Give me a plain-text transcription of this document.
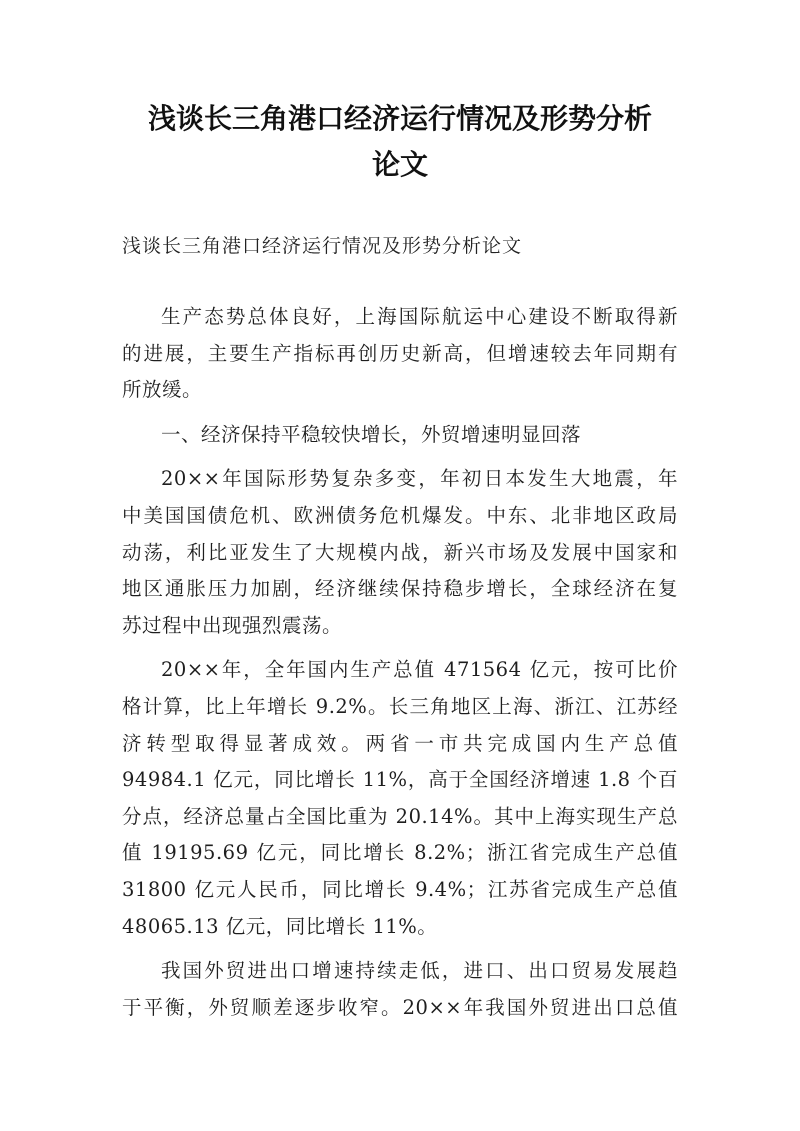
浅谈长三角港口经济运行情况及形势分析
论文

浅谈长三角港口经济运行情况及形势分析论文

生产态势总体良好，上海国际航运中心建设不断取得新
的进展，主要生产指标再创历史新高，但增速较去年同期有
所放缓。

一、经济保持平稳较快增长，外贸增速明显回落

20××年国际形势复杂多变，年初日本发生大地震，年
中美国国债危机、欧洲债务危机爆发。中东、北非地区政局
动荡，利比亚发生了大规模内战，新兴市场及发展中国家和
地区通胀压力加剧，经济继续保持稳步增长，全球经济在复
苏过程中出现强烈震荡。

20××年，全年国内生产总值 471564 亿元，按可比价
格计算，比上年增长 9.2%。长三角地区上海、浙江、江苏经
济转型取得显著成效。两省一市共完成国内生产总值
94984.1 亿元，同比增长 11%，高于全国经济增速 1.8 个百
分点，经济总量占全国比重为 20.14%。其中上海实现生产总
值 19195.69 亿元，同比增长 8.2%；浙江省完成生产总值
31800 亿元人民币，同比增长 9.4%；江苏省完成生产总值
48065.13 亿元，同比增长 11%。

我国外贸进出口增速持续走低，进口、出口贸易发展趋
于平衡，外贸顺差逐步收窄。20××年我国外贸进出口总值
